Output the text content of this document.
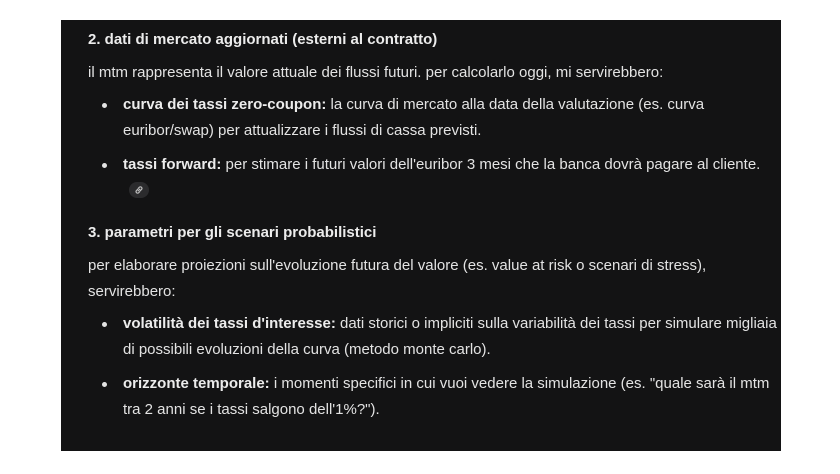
2. dati di mercato aggiornati (esterni al contratto)

il mtm rappresenta il valore attuale dei flussi futuri. per calcolarlo oggi, mi servirebbero:

curva dei tassi zero-coupon: la curva di mercato alla data della valutazione (es. curva euribor/swap) per attualizzare i flussi di cassa previsti.
tassi forward: per stimare i futuri valori dell'euribor 3 mesi che la banca dovrà pagare al cliente.

3. parametri per gli scenari probabilistici

per elaborare proiezioni sull'evoluzione futura del valore (es. value at risk o scenari di stress), servirebbero:

volatilità dei tassi d'interesse: dati storici o impliciti sulla variabilità dei tassi per simulare migliaia di possibili evoluzioni della curva (metodo monte carlo).
orizzonte temporale: i momenti specifici in cui vuoi vedere la simulazione (es. "quale sarà il mtm tra 2 anni se i tassi salgono dell'1%?").
